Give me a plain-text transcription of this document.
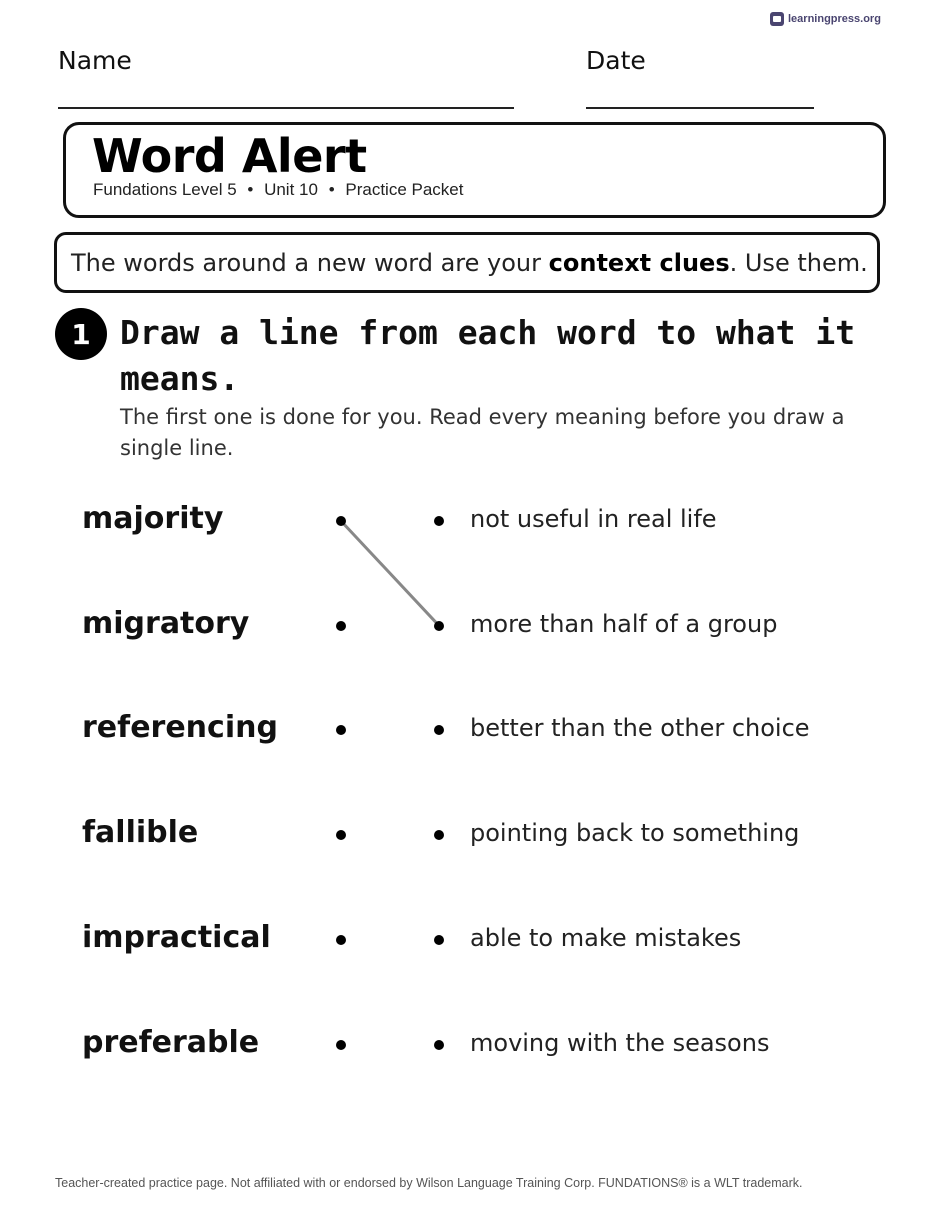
learningpress.org
Name	Date
Word Alert
Fundations Level 5 • Unit 10 • Practice Packet
The words around a new word are your context clues . Use them.
1 Draw a line from each word to what it means.
The first one is done for you. Read every meaning before you draw a single line.
majority
migratory
referencing
fallible
impractical
preferable
not useful in real life
more than half of a group
better than the other choice
pointing back to something
able to make mistakes
moving with the seasons
Teacher-created practice page. Not affiliated with or endorsed by Wilson Language Training Corp. FUNDATIONS® is a WLT trademark.
